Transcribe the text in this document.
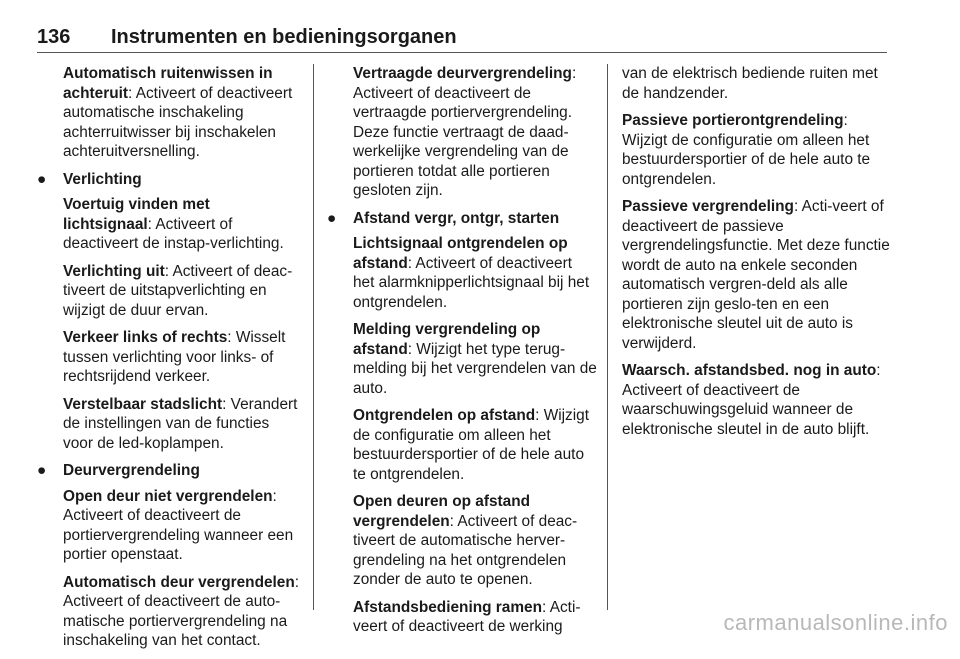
136 Instrumenten en bedieningsorganen

Automatisch ruitenwissen in achteruit: Activeert of deactiveert automatische inschakeling achterruitwisser bij inschakelen achteruitversnelling.

● Verlichting

Voertuig vinden met lichtsignaal: Activeert of deactiveert de instap-verlichting.

Verlichting uit: Activeert of deac-tiveert de uitstapverlichting en wijzigt de duur ervan.

Verkeer links of rechts: Wisselt tussen verlichting voor links- of rechtsrijdend verkeer.

Verstelbaar stadslicht: Verandert de instellingen van de functies voor de led-koplampen.

● Deurvergrendeling

Open deur niet vergrendelen: Activeert of deactiveert de portiervergrendeling wanneer een portier openstaat.

Automatisch deur vergrendelen: Activeert of deactiveert de auto-matische portiervergrendeling na inschakeling van het contact.

Vertraagde deurvergrendeling: Activeert of deactiveert de vertraagde portiervergrendeling. Deze functie vertraagt de daad-werkelijke vergrendeling van de portieren totdat alle portieren gesloten zijn.

● Afstand vergr, ontgr, starten

Lichtsignaal ontgrendelen op afstand: Activeert of deactiveert het alarmknipperlichtsignaal bij het ontgrendelen.

Melding vergrendeling op afstand: Wijzigt het type terug-melding bij het vergrendelen van de auto.

Ontgrendelen op afstand: Wijzigt de configuratie om alleen het bestuurdersportier of de hele auto te ontgrendelen.

Open deuren op afstand vergrendelen: Activeert of deac-tiveert de automatische herver-grendeling na het ontgrendelen zonder de auto te openen.

Afstandsbediening ramen: Acti-veert of deactiveert de werking

van de elektrisch bediende ruiten met de handzender.

Passieve portierontgrendeling: Wijzigt de configuratie om alleen het bestuurdersportier of de hele auto te ontgrendelen.

Passieve vergrendeling: Acti-veert of deactiveert de passieve vergrendelingsfunctie. Met deze functie wordt de auto na enkele seconden automatisch vergren-deld als alle portieren zijn geslo-ten en een elektronische sleutel uit de auto is verwijderd.

Waarsch. afstandsbed. nog in auto: Activeert of deactiveert de waarschuwingsgeluid wanneer de elektronische sleutel in de auto blijft.

carmanualsonline.info
